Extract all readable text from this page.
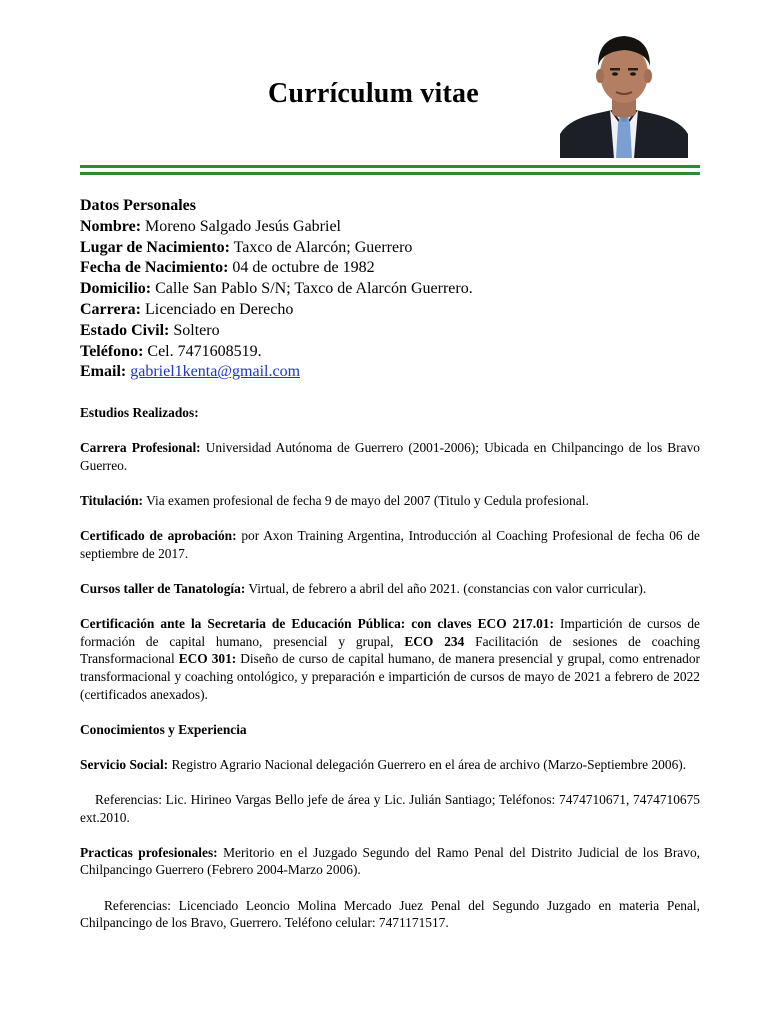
Currículum vitae
Datos Personales
Nombre: Moreno Salgado Jesús Gabriel
Lugar de Nacimiento: Taxco de Alarcón; Guerrero
Fecha de Nacimiento: 04 de octubre de 1982
Domicilio: Calle San Pablo S/N; Taxco de Alarcón Guerrero.
Carrera: Licenciado en Derecho
Estado Civil: Soltero
Teléfono: Cel. 7471608519.
Email: gabriel1kenta@gmail.com

Estudios Realizados:

Carrera Profesional: Universidad Autónoma de Guerrero (2001-2006); Ubicada en Chilpancingo de los Bravo Guerreo.

Titulación: Via examen profesional de fecha 9 de mayo del 2007 (Titulo y Cedula profesional.

Certificado de aprobación: por Axon Training Argentina, Introducción al Coaching Profesional de fecha 06 de septiembre de 2017.

Cursos taller de Tanatología: Virtual, de febrero a abril del año 2021. (constancias con valor curricular).

Certificación ante la Secretaria de Educación Pública: con claves ECO 217.01: Impartición de cursos de formación de capital humano, presencial y grupal, ECO 234 Facilitación de sesiones de coaching Transformacional ECO 301: Diseño de curso de capital humano, de manera presencial y grupal, como entrenador transformacional y coaching ontológico, y preparación e impartición de cursos de mayo de 2021 a febrero de 2022 (certificados anexados).

Conocimientos y Experiencia

Servicio Social: Registro Agrario Nacional delegación Guerrero en el área de archivo (Marzo-Septiembre 2006).

Referencias: Lic. Hirineo Vargas Bello jefe de área y Lic. Julián Santiago; Teléfonos: 7474710671, 7474710675 ext.2010.

Practicas profesionales: Meritorio en el Juzgado Segundo del Ramo Penal del Distrito Judicial de los Bravo, Chilpancingo Guerrero (Febrero 2004-Marzo 2006).

Referencias: Licenciado Leoncio Molina Mercado Juez Penal del Segundo Juzgado en materia Penal, Chilpancingo de los Bravo, Guerrero. Teléfono celular: 7471171517.
